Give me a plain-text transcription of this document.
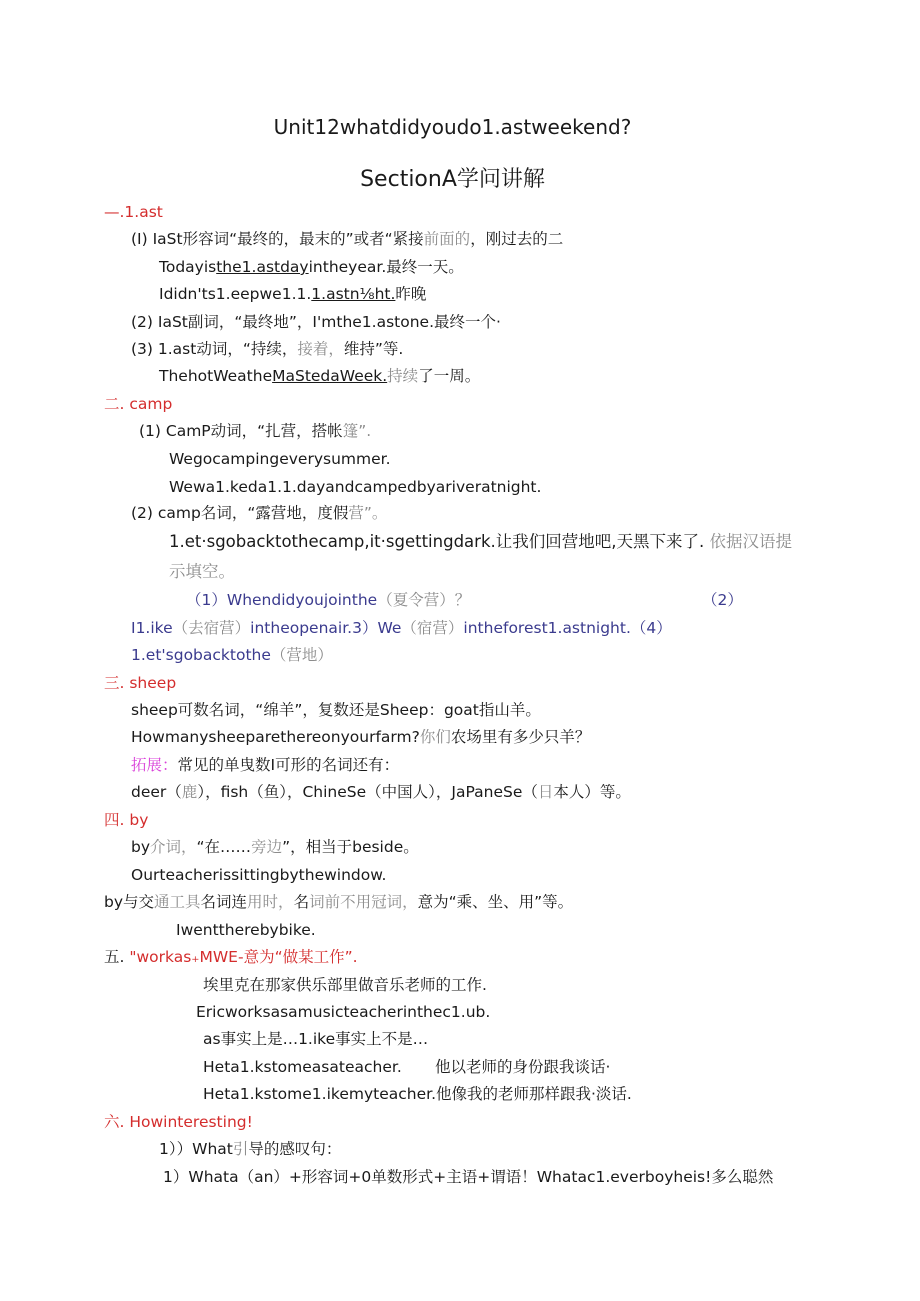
Unit12whatdidyoudo1.astweekend?
SectionA学问讲解
—.1.ast
(I) IaSt形容词“最终的，最末的”或者“紧接前面的，刚过去的二
Todayisthe1.astdayintheyear.最终一天。
Ididn'ts1.eepwe1.1.1.astn⅛ht.昨晚
(2) IaSt副词，“最终地”，I'mthe1.astone.最终一个·
(3) 1.ast动词，“持续，接着，维持”等.
ThehotWeatheMaStedaWeek.持续了一周。
二. camp
(1) CamP动词，“扎营，搭帐篷”.
Wegocampingeverysummer.
Wewa1.keda1.1.dayandcampedbyariveratnight.
(2) camp名词，“露营地，度假营”。
1.et·sgobacktothecamp,it·sgettingdark.让我们回营地吧,天黑下来了. 依据汉语提
示填空。
（1）Whendidyoujointhe（夏令营）？	（2）
I1.ike（去宿营）intheopenair.3）We（宿营）intheforest1.astnight.（4）
1.et'sgobacktothe（营地）
三. sheep
sheep可数名词，“绵羊”，复数还是Sheep：goat指山羊。
Howmanysheeparethereonyourfarm?你们农场里有多少只羊？
拓展：常见的单曳数I可形的名词还有：
deer（鹿），fish（鱼），ChineSe（中国人），JaPaneSe（日本人）等。
四. by
by介词，“在……旁边”，相当于beside。
Ourteacherissittingbythewindow.
by与交通工具名词连用时，名词前不用冠词，意为“乘、坐、用”等。
Iwenttherebybike.
五. "workas₊MWE-意为“做某工作”.
埃里克在那家供乐部里做音乐老师的工作.
Ericworksasamusicteacherinthec1.ub.
as事实上是…1.ike事实上不是…
Heta1.kstomeasateacher. 他以老师的身份跟我谈话·
Heta1.kstome1.ikemyteacher.他像我的老师那样跟我·淡话.
六. Howinteresting!
1））What引导的感叹句：
1）Whata（an）+形容词+0单数形式+主语+谓语！Whatac1.everboyheis!多么聪然
